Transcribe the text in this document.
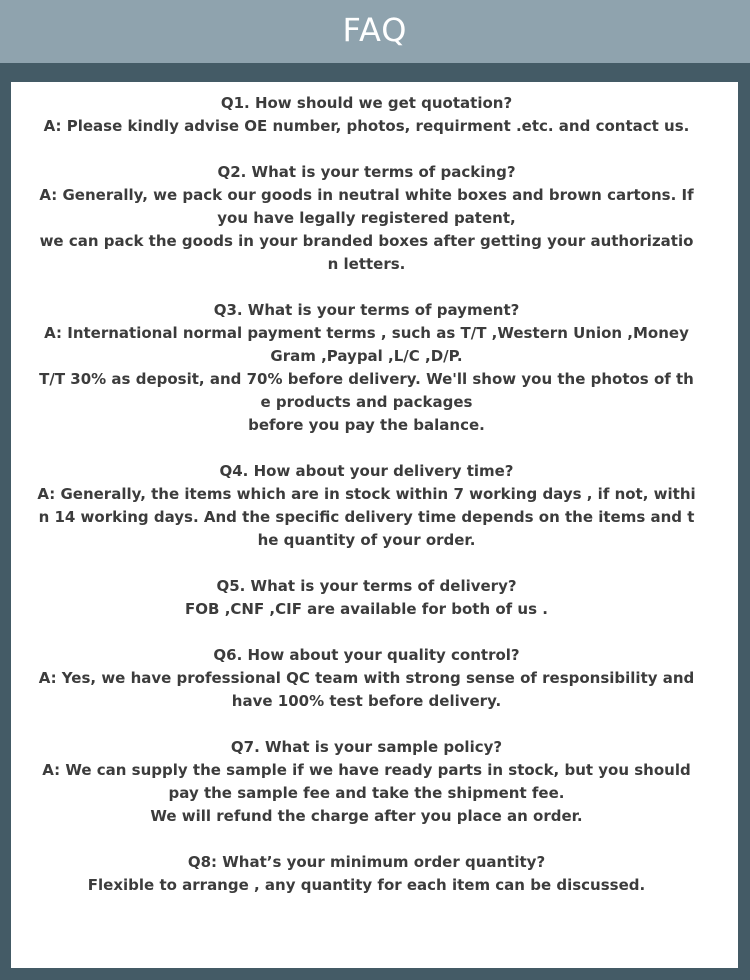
FAQ
Q1. How should we get quotation?
A: Please kindly advise OE number, photos, requirment .etc. and contact us.
Q2. What is your terms of packing?
A: Generally, we pack our goods in neutral white boxes and brown cartons. If you have legally registered patent,
we can pack the goods in your branded boxes after getting your authorization letters.
Q3. What is your terms of payment?
A: International normal payment terms , such as T/T ,Western Union ,Money Gram ,Paypal ,L/C ,D/P.
T/T 30% as deposit, and 70% before delivery. We'll show you the photos of the products and packages
before you pay the balance.
Q4. How about your delivery time?
A: Generally, the items which are in stock within 7 working days , if not, within 14 working days. And the specific delivery time depends on the items and the quantity of your order.
Q5. What is your terms of delivery?
FOB ,CNF ,CIF are available for both of us .
Q6. How about your quality control?
A: Yes, we have professional QC team with strong sense of responsibility and have 100% test before delivery.
Q7. What is your sample policy?
A: We can supply the sample if we have ready parts in stock, but you should pay the sample fee and take the shipment fee.
We will refund the charge after you place an order.
Q8: What’s your minimum order quantity?
Flexible to arrange , any quantity for each item can be discussed.
